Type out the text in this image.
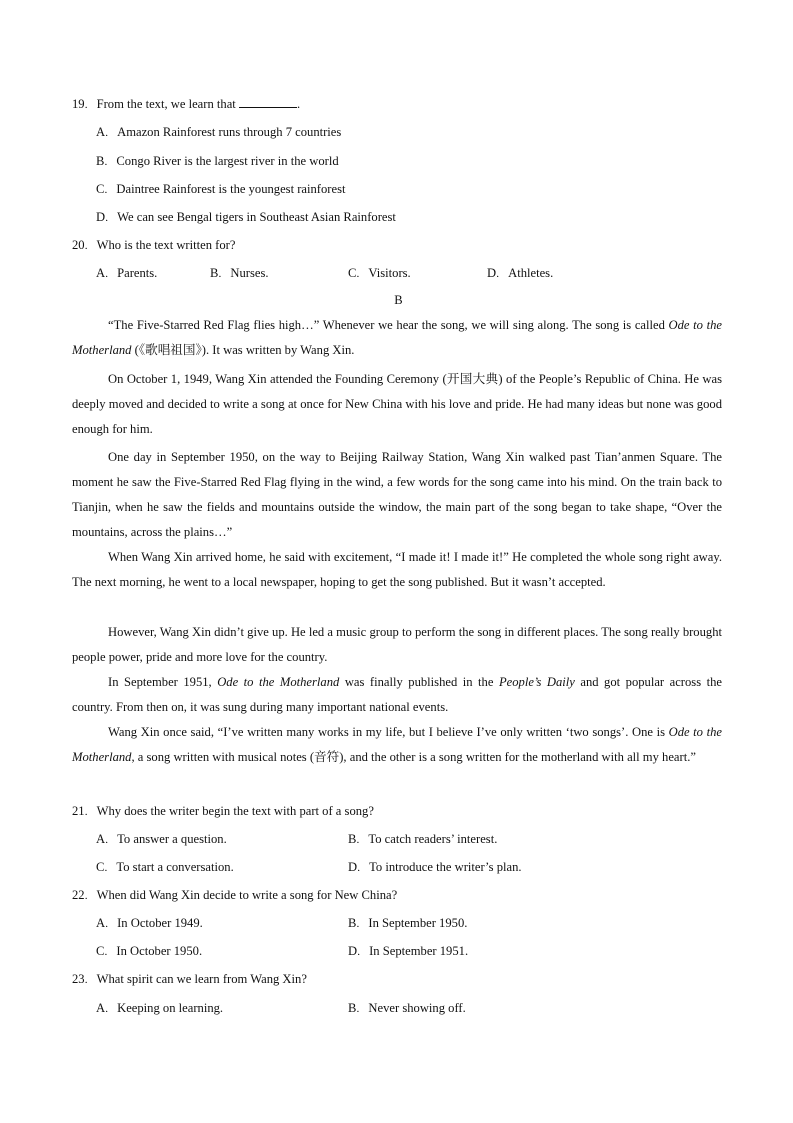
19． From the text, we learn that	.
A． Amazon Rainforest runs through 7 countries
B． Congo River is the largest river in the world
C． Daintree Rainforest is the youngest rainforest
D． We can see Bengal tigers in Southeast Asian Rainforest
20． Who is the text written for?
A． Parents.	B． Nurses.	C． Visitors.	D． Athletes.
B

“The Five-Starred Red Flag flies high…” Whenever we hear the song, we will sing along. The song is called Ode to the Motherland (《歌唱祖国》). It was written by Wang Xin.

On October 1, 1949, Wang Xin attended the Founding Ceremony (开国大典) of the People’s Republic of China. He was deeply moved and decided to write a song at once for New China with his love and pride. He had many ideas but none was good enough for him.

One day in September 1950, on the way to Beijing Railway Station, Wang Xin walked past Tian’anmen Square. The moment he saw the Five-Starred Red Flag flying in the wind, a few words for the song came into his mind. On the train back to Tianjin, when he saw the fields and mountains outside the window, the main part of the song began to take shape, “Over the mountains, across the plains…”

When Wang Xin arrived home, he said with excitement, “I made it! I made it!” He completed the whole song right away. The next morning, he went to a local newspaper, hoping to get the song published. But it wasn’t accepted.

However, Wang Xin didn’t give up. He led a music group to perform the song in different places. The song really brought people power, pride and more love for the country.

In September 1951, Ode to the Motherland was finally published in the People’s Daily and got popular across the country. From then on, it was sung during many important national events.

Wang Xin once said, “I’ve written many works in my life, but I believe I’ve only written ‘two songs’. One is Ode to the Motherland, a song written with musical notes (音符), and the other is a song written for the motherland with all my heart.”

21． Why does the writer begin the text with part of a song?
A． To answer a question.	B． To catch readers’ interest.
C． To start a conversation.	D． To introduce the writer’s plan.
22． When did Wang Xin decide to write a song for New China?
A． In October 1949.	B． In September 1950.
C． In October 1950.	D． In September 1951.
23． What spirit can we learn from Wang Xin?
A． Keeping on learning.	B． Never showing off.
